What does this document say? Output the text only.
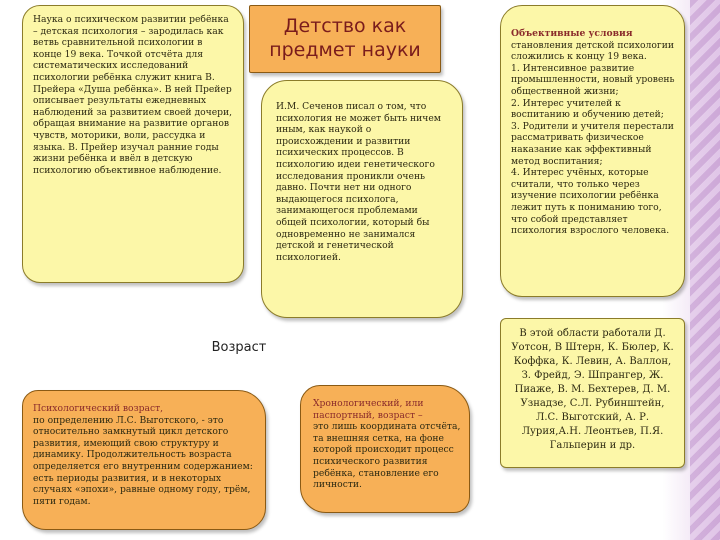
Наука о психическом развитии ребёнка – детская психология – зародилась как ветвь сравнительной психологии в конце 19 века. Точкой отсчёта для систематических исследований психологии ребёнка служит книга В. Прейера «Душа ребёнка». В ней Прейер описывает результаты ежедневных наблюдений за развитием своей дочери, обращая внимание на развитие органов чувств, моторики, воли, рассудка и языка. В. Прейер изучал ранние годы жизни ребёнка и ввёл в детскую психологию объективное наблюдение.

Детство как предмет науки

И.М. Сеченов писал о том, что психология не может быть ничем иным, как наукой о происхождении и развитии психических процессов. В психологию идеи генетического исследования проникли очень давно. Почти нет ни одного выдающегося психолога, занимающегося проблемами общей психологии, который бы одновременно не занимался детской и генетической психологией.

Объективные условия

становления детской психологии сложились к концу 19 века.
1. Интенсивное развитие промышленности, новый уровень общественной жизни;
2. Интерес учителей к воспитанию и обучению детей;
3. Родители и учителя перестали рассматривать физическое наказание как эффективный метод воспитания;
4. Интерес учёных, которые считали, что только через изучение психологии ребёнка лежит путь к пониманию того, что собой представляет психология взрослого человека.

В этой области работали Д. Уотсон, В Штерн, К. Бюлер, К. Коффка, К. Левин, А. Валлон, З. Фрейд, Э. Шпрангер, Ж. Пиаже, В. М. Бехтерев, Д. М. Узнадзе, С.Л. Рубинштейн, Л.С. Выготский, А. Р. Лурия,А.Н. Леонтьев, П.Я. Гальперин и др.

Возраст

Психологический возраст,

по определению Л.С. Выготского, - это относительно замкнутый цикл детского развития, имеющий свою структуру и динамику. Продолжительность возраста определяется его внутренним содержанием: есть периоды развития, и в некоторых случаях «эпохи», равные одному году, трём, пяти годам.

Хронологический, или паспортный, возраст –

это лишь координата отсчёта, та внешняя сетка, на фоне которой происходит процесс психического развития ребёнка, становление его личности.
